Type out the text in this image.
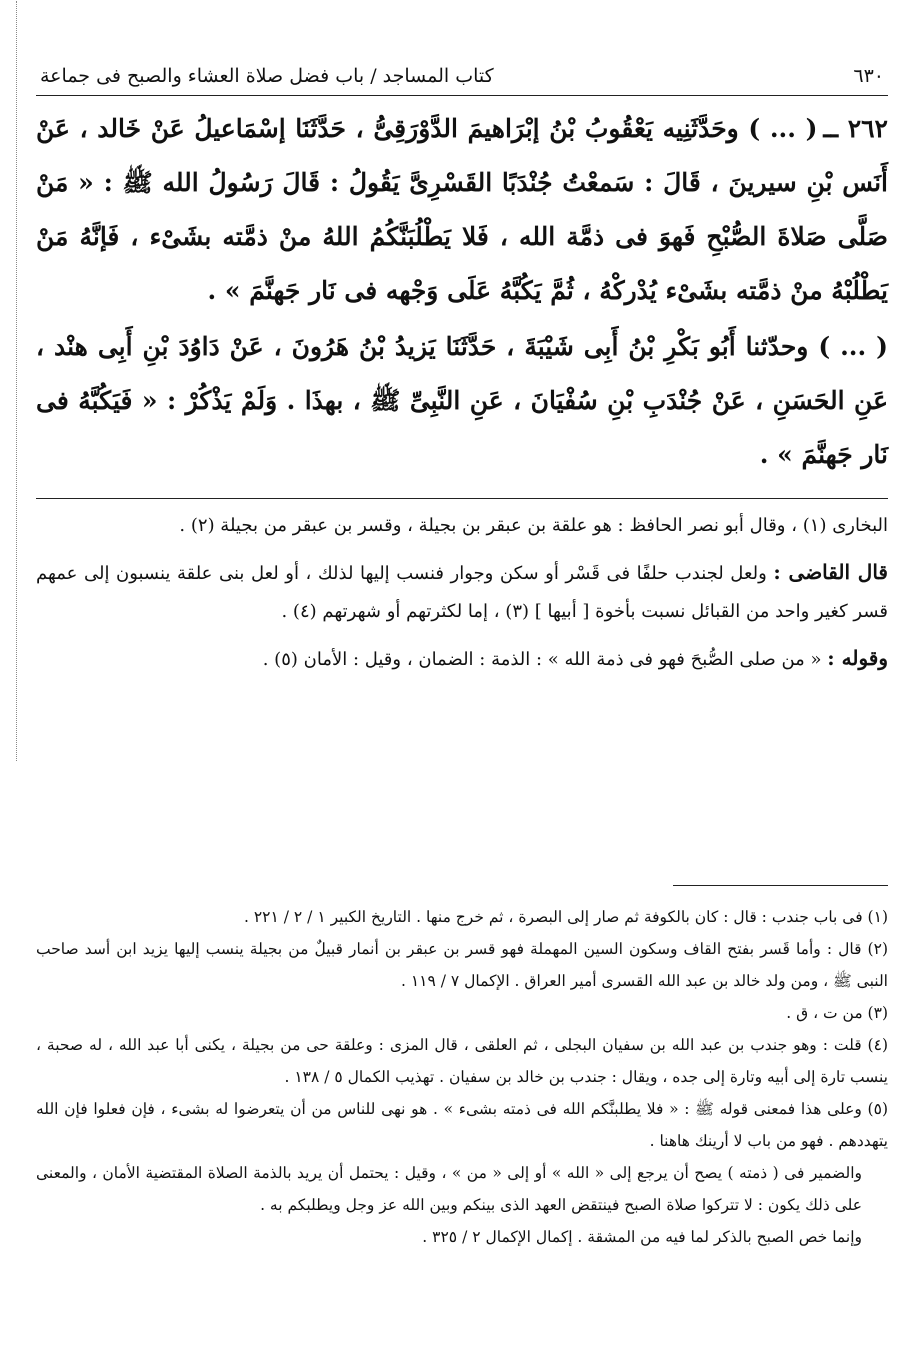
٦٣٠
كتاب المساجد / باب فضل صلاة العشاء والصبح فى جماعة

٢٦٢ ــ( ... ) وحَدَّثَنِيه يَعْقُوبُ بْنُ إبْرَاهيمَ الدَّوْرَقِىُّ ، حَدَّثَنَا إسْمَاعيلُ عَنْ خَالد ، عَنْ أَنَس بْنِ سيرينَ ، قَالَ : سَمعْتُ جُنْدَبًا القَسْرِىَّ يَقُولُ : قَالَ رَسُولُ الله ﷺ : « مَنْ صَلَّى صَلاةَ الصُّبْحِ فَهوَ فى ذمَّة الله ، فَلا يَطْلُبَنَّكُمُ اللهُ منْ ذمَّته بشَىْء ، فَإنَّهُ مَنْ يَطْلُبْهُ منْ ذمَّته بشَىْء يُدْركْهُ ، ثُمَّ يَكُبَّهُ عَلَى وَجْهه فى نَار جَهنَّمَ » .

( ... ) وحدّثنا أَبُو بَكْرِ بْنُ أَبِى شَيْبَةَ ، حَدَّثَنَا يَزيدُ بْنُ هَرُونَ ، عَنْ دَاوُدَ بْنِ أَبِى هنْد ، عَنِ الحَسَنِ ، عَنْ جُنْدَبِ بْنِ سُفْيَانَ ، عَنِ النَّبِىِّ ﷺ ، بهذَا . وَلَمْ يَذْكُرْ : « فَيَكُبَّهُ فى نَار جَهنَّمَ » .

البخارى (١) ، وقال أبو نصر الحافظ : هو علقة بن عبقر بن بجيلة ، وقسر بن عبقر من بجيلة (٢) .

قال القاضى : ولعل لجندب حلفًا فى قَسْر أو سكن وجوار فنسب إليها لذلك ، أو لعل بنى علقة ينسبون إلى عمهم قسر كغير واحد من القبائل نسبت بأخوة [ أبيها ] (٣) ، إما لكثرتهم أو شهرتهم (٤) .

وقوله : « من صلى الصُّبحَ فهو فى ذمة الله » : الذمة : الضمان ، وقيل : الأمان (٥) .

(١) فى باب جندب : قال : كان بالكوفة ثم صار إلى البصرة ، ثم خرج منها . التاريخ الكبير ١ / ٢ / ٢٢١ .

(٢) قال : وأما قَسر بفتح القاف وسكون السين المهملة فهو قسر بن عبقر بن أنمار قبيلٌ من بجيلة ينسب إليها يزيد ابن أسد صاحب النبى ﷺ ، ومن ولد خالد بن عبد الله القسرى أمير العراق . الإكمال ٧ / ١١٩ .

(٣) من ت ، ق .

(٤) قلت : وهو جندب بن عبد الله بن سفيان البجلى ، ثم العلقى ، قال المزى : وعلقة حى من بجيلة ، يكنى أبا عبد الله ، له صحبة ، ينسب تارة إلى أبيه وتارة إلى جده ، ويقال : جندب بن خالد بن سفيان . تهذيب الكمال ٥ / ١٣٨ .

(٥) وعلى هذا فمعنى قوله ﷺ : « فلا يطلبنَّكم الله فى ذمته بشىء » . هو نهى للناس من أن يتعرضوا له بشىء ، فإن فعلوا فإن الله يتهددهم . فهو من باب لا أرينك هاهنا .

والضمير فى ( ذمته ) يصح أن يرجع إلى « الله » أو إلى « من » ، وقيل : يحتمل أن يريد بالذمة الصلاة المقتضية الأمان ، والمعنى على ذلك يكون : لا تتركوا صلاة الصبح فينتقض العهد الذى بينكم وبين الله عز وجل ويطلبكم به .

وإنما خص الصبح بالذكر لما فيه من المشقة . إكمال الإكمال ٢ / ٣٢٥ .
